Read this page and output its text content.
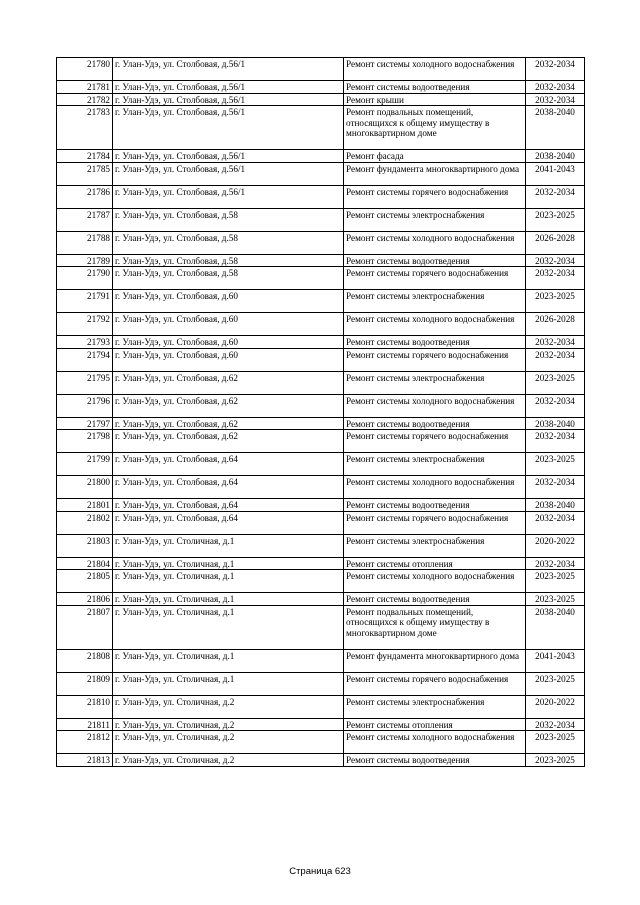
21780	г. Улан-Удэ, ул. Столбовая, д.56/1	Ремонт системы холодного водоснабжения	2032-2034
21781	г. Улан-Удэ, ул. Столбовая, д.56/1	Ремонт системы водоотведения	2032-2034
21782	г. Улан-Удэ, ул. Столбовая, д.56/1	Ремонт крыши	2032-2034
21783	г. Улан-Удэ, ул. Столбовая, д.56/1	Ремонт подвальных помещений, относящихся к общему имуществу в многоквартирном доме	2038-2040
21784	г. Улан-Удэ, ул. Столбовая, д.56/1	Ремонт фасада	2038-2040
21785	г. Улан-Удэ, ул. Столбовая, д.56/1	Ремонт фундамента многоквартирного дома	2041-2043
21786	г. Улан-Удэ, ул. Столбовая, д.56/1	Ремонт системы горячего водоснабжения	2032-2034
21787	г. Улан-Удэ, ул. Столбовая, д.58	Ремонт системы электроснабжения	2023-2025
21788	г. Улан-Удэ, ул. Столбовая, д.58	Ремонт системы холодного водоснабжения	2026-2028
21789	г. Улан-Удэ, ул. Столбовая, д.58	Ремонт системы водоотведения	2032-2034
21790	г. Улан-Удэ, ул. Столбовая, д.58	Ремонт системы горячего водоснабжения	2032-2034
21791	г. Улан-Удэ, ул. Столбовая, д.60	Ремонт системы электроснабжения	2023-2025
21792	г. Улан-Удэ, ул. Столбовая, д.60	Ремонт системы холодного водоснабжения	2026-2028
21793	г. Улан-Удэ, ул. Столбовая, д.60	Ремонт системы водоотведения	2032-2034
21794	г. Улан-Удэ, ул. Столбовая, д.60	Ремонт системы горячего водоснабжения	2032-2034
21795	г. Улан-Удэ, ул. Столбовая, д.62	Ремонт системы электроснабжения	2023-2025
21796	г. Улан-Удэ, ул. Столбовая, д.62	Ремонт системы холодного водоснабжения	2032-2034
21797	г. Улан-Удэ, ул. Столбовая, д.62	Ремонт системы водоотведения	2038-2040
21798	г. Улан-Удэ, ул. Столбовая, д.62	Ремонт системы горячего водоснабжения	2032-2034
21799	г. Улан-Удэ, ул. Столбовая, д.64	Ремонт системы электроснабжения	2023-2025
21800	г. Улан-Удэ, ул. Столбовая, д.64	Ремонт системы холодного водоснабжения	2032-2034
21801	г. Улан-Удэ, ул. Столбовая, д.64	Ремонт системы водоотведения	2038-2040
21802	г. Улан-Удэ, ул. Столбовая, д.64	Ремонт системы горячего водоснабжения	2032-2034
21803	г. Улан-Удэ, ул. Столичная, д.1	Ремонт системы электроснабжения	2020-2022
21804	г. Улан-Удэ, ул. Столичная, д.1	Ремонт системы отопления	2032-2034
21805	г. Улан-Удэ, ул. Столичная, д.1	Ремонт системы холодного водоснабжения	2023-2025
21806	г. Улан-Удэ, ул. Столичная, д.1	Ремонт системы водоотведения	2023-2025
21807	г. Улан-Удэ, ул. Столичная, д.1	Ремонт подвальных помещений, относящихся к общему имуществу в многоквартирном доме	2038-2040
21808	г. Улан-Удэ, ул. Столичная, д.1	Ремонт фундамента многоквартирного дома	2041-2043
21809	г. Улан-Удэ, ул. Столичная, д.1	Ремонт системы горячего водоснабжения	2023-2025
21810	г. Улан-Удэ, ул. Столичная, д.2	Ремонт системы электроснабжения	2020-2022
21811	г. Улан-Удэ, ул. Столичная, д.2	Ремонт системы отопления	2032-2034
21812	г. Улан-Удэ, ул. Столичная, д.2	Ремонт системы холодного водоснабжения	2023-2025
21813	г. Улан-Удэ, ул. Столичная, д.2	Ремонт системы водоотведения	2023-2025
Страница 623
